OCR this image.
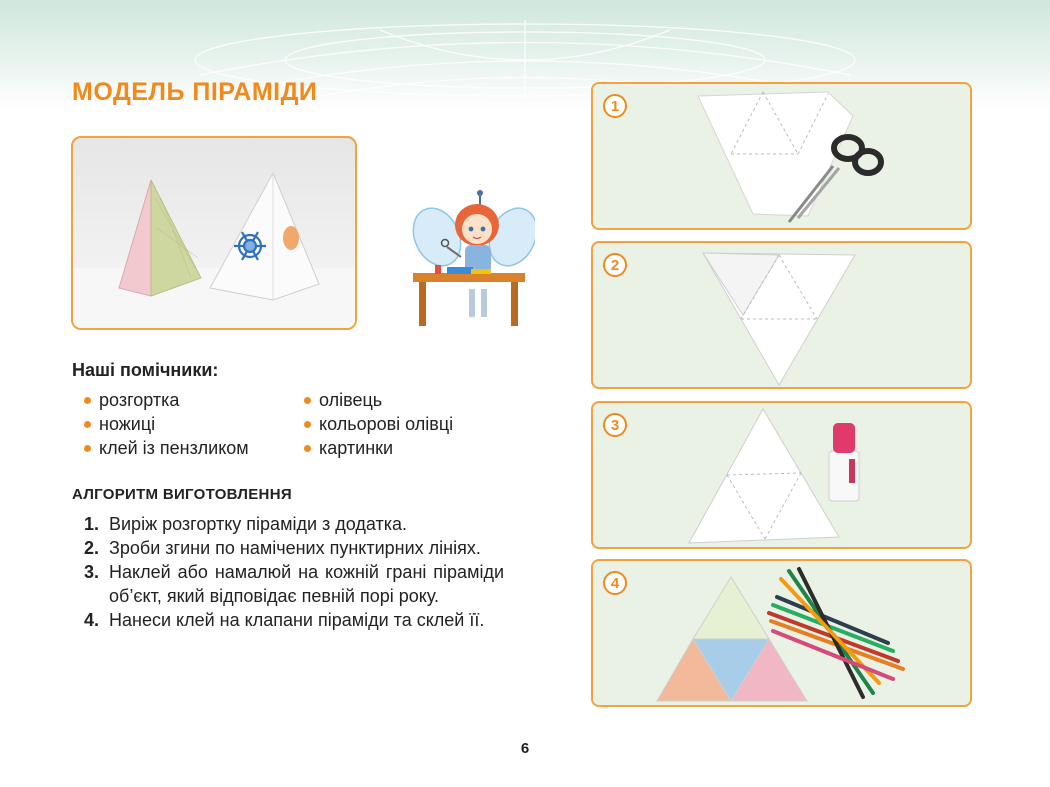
МОДЕЛЬ ПІРАМІДИ
Наші помічники:
розгортка
ножиці
клей із пензликом
олівець
кольорові олівці
картинки
АЛГОРИТМ ВИГОТОВЛЕННЯ
1. Виріж розгортку піраміди з додатка.
2. Зроби згини по намічених пунктирних лініях.
3. Наклей або намалюй на кожній грані піраміди об’єкт, який відповідає певній порі року.
4. Нанеси клей на клапани піраміди та склей її.
6
1
2
3
4
